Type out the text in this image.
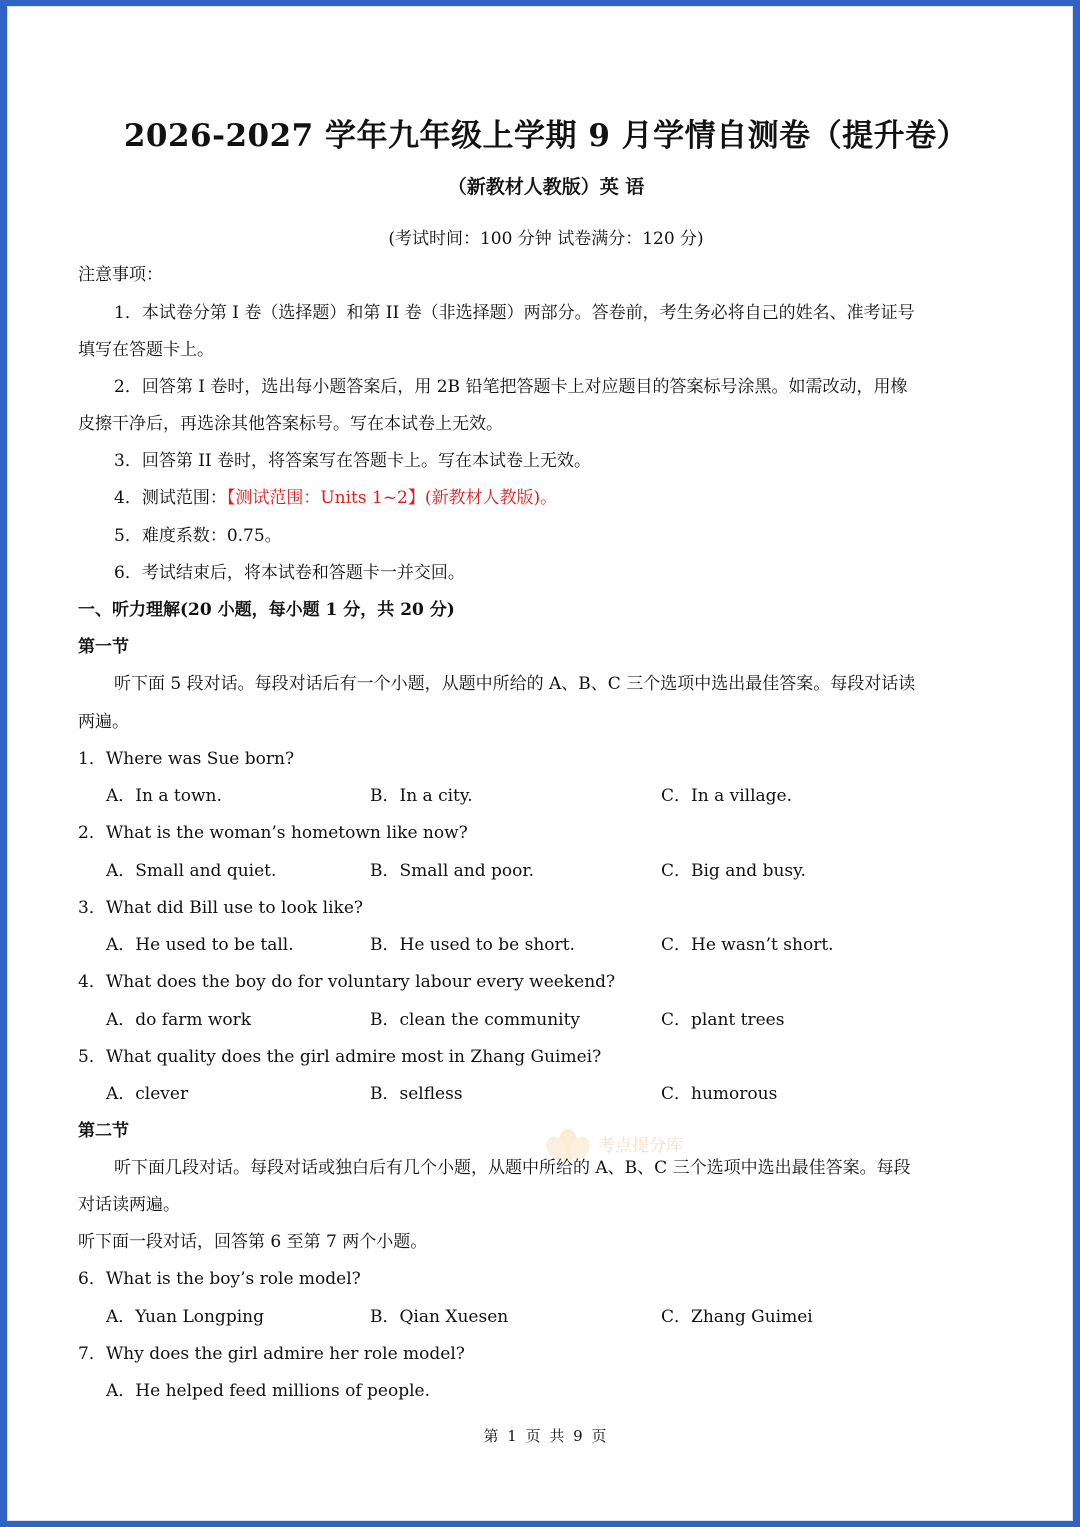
2026-2027 学年九年级上学期 9 月学情自测卷（提升卷）
（新教材人教版）英 语
(考试时间：100 分钟 试卷满分：120 分)
注意事项：
1．本试卷分第 I 卷（选择题）和第 II 卷（非选择题）两部分。答卷前，考生务必将自己的姓名、准考证号
填写在答题卡上。
2．回答第 I 卷时，选出每小题答案后，用 2B 铅笔把答题卡上对应题目的答案标号涂黑。如需改动，用橡
皮擦干净后，再选涂其他答案标号。写在本试卷上无效。
3．回答第 II 卷时，将答案写在答题卡上。写在本试卷上无效。
4．测试范围：【测试范围：Units 1~2】(新教材人教版)。
5．难度系数：0.75。
6．考试结束后，将本试卷和答题卡一并交回。
一、听力理解(20 小题，每小题 1 分，共 20 分)
第一节
听下面 5 段对话。每段对话后有一个小题，从题中所给的 A、B、C 三个选项中选出最佳答案。每段对话读
两遍。
1．Where was Sue born?
A．In a town.	B．In a city.	C．In a village.
2．What is the woman’s hometown like now?
A．Small and quiet.	B．Small and poor.	C．Big and busy.
3．What did Bill use to look like?
A．He used to be tall.	B．He used to be short.	C．He wasn’t short.
4．What does the boy do for voluntary labour every weekend?
A．do farm work	B．clean the community	C．plant trees
5．What quality does the girl admire most in Zhang Guimei?
A．clever	B．selfless	C．humorous
考点提分库
第二节
听下面几段对话。每段对话或独白后有几个小题，从题中所给的 A、B、C 三个选项中选出最佳答案。每段
对话读两遍。
听下面一段对话，回答第 6 至第 7 两个小题。
6．What is the boy’s role model?
A．Yuan Longping	B．Qian Xuesen	C．Zhang Guimei
7．Why does the girl admire her role model?
A．He helped feed millions of people.
第 1 页 共 9 页
